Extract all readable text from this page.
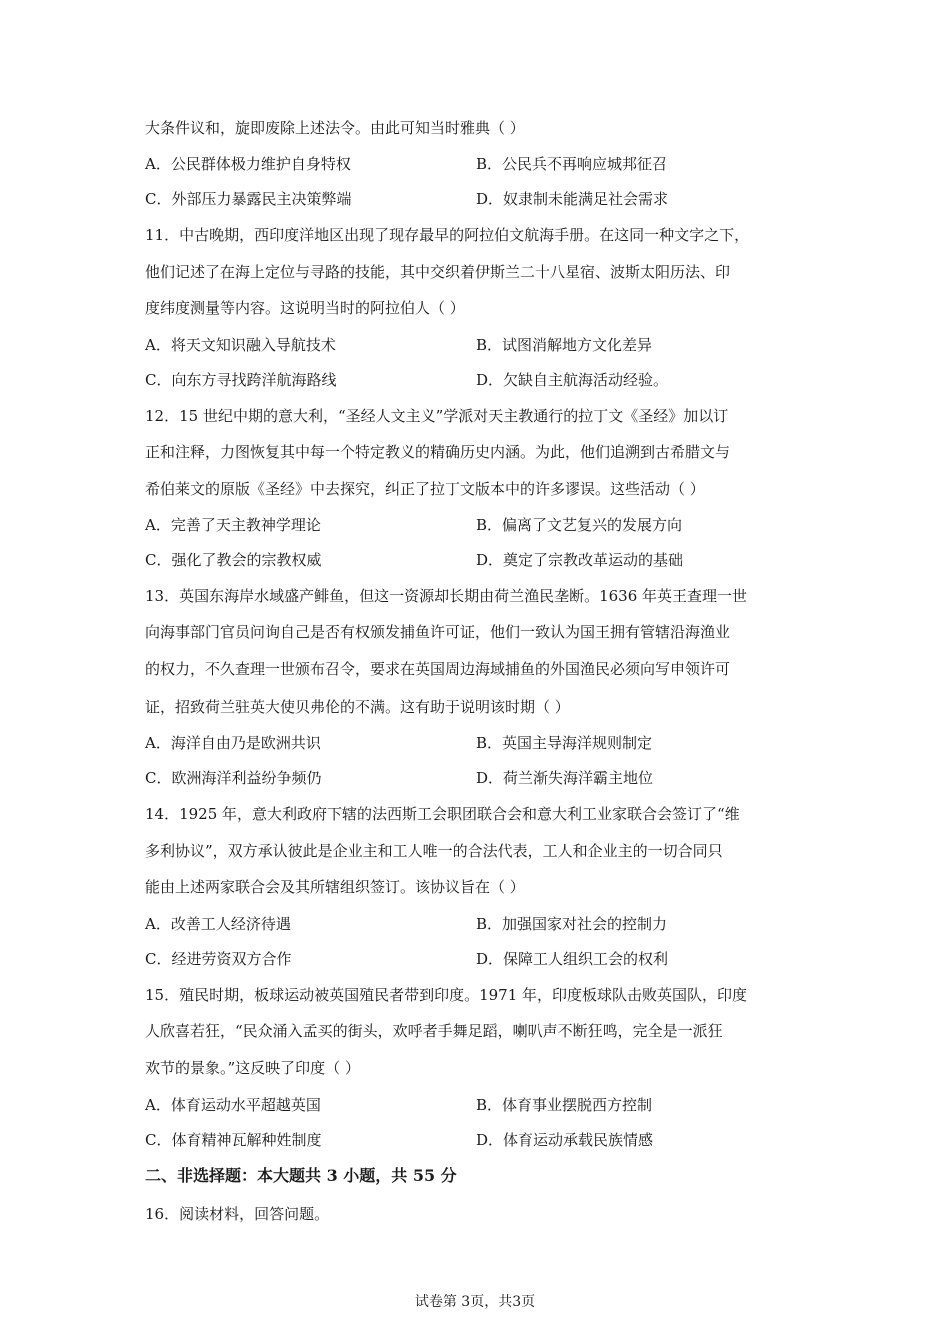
大条件议和，旋即废除上述法令。由此可知当时雅典（ ）
A．公民群体极力维护自身特权	B．公民兵不再响应城邦征召
C．外部压力暴露民主决策弊端	D．奴隶制未能满足社会需求
11．中古晚期，西印度洋地区出现了现存最早的阿拉伯文航海手册。在这同一种文字之下，
他们记述了在海上定位与寻路的技能，其中交织着伊斯兰二十八星宿、波斯太阳历法、印
度纬度测量等内容。这说明当时的阿拉伯人（ ）
A．将天文知识融入导航技术	B．试图消解地方文化差异
C．向东方寻找跨洋航海路线	D．欠缺自主航海活动经验。
12．15 世纪中期的意大利，“圣经人文主义”学派对天主教通行的拉丁文《圣经》加以订
正和注释，力图恢复其中每一个特定教义的精确历史内涵。为此，他们追溯到古希腊文与
希伯莱文的原版《圣经》中去探究，纠正了拉丁文版本中的许多谬误。这些活动（ ）
A．完善了天主教神学理论	B．偏离了文艺复兴的发展方向
C．强化了教会的宗教权威	D．奠定了宗教改革运动的基础
13．英国东海岸水域盛产鲱鱼，但这一资源却长期由荷兰渔民垄断。1636 年英王查理一世
向海事部门官员问询自己是否有权颁发捕鱼许可证，他们一致认为国王拥有管辖沿海渔业
的权力，不久查理一世颁布召令，要求在英国周边海域捕鱼的外国渔民必须向写申领许可
证，招致荷兰驻英大使贝弗伦的不满。这有助于说明该时期（ ）
A．海洋自由乃是欧洲共识	B．英国主导海洋规则制定
C．欧洲海洋利益纷争频仍	D．荷兰渐失海洋霸主地位
14．1925 年，意大利政府下辖的法西斯工会职团联合会和意大利工业家联合会签订了“维
多利协议”，双方承认彼此是企业主和工人唯一的合法代表，工人和企业主的一切合同只
能由上述两家联合会及其所辖组织签订。该协议旨在（ ）
A．改善工人经济待遇	B．加强国家对社会的控制力
C．经进劳资双方合作	D．保障工人组织工会的权利
15．殖民时期，板球运动被英国殖民者带到印度。1971 年，印度板球队击败英国队，印度
人欣喜若狂，“民众涌入孟买的街头，欢呼者手舞足蹈，喇叭声不断狂鸣，完全是一派狂
欢节的景象。”这反映了印度（ ）
A．体育运动水平超越英国	B．体育事业摆脱西方控制
C．体育精神瓦解种姓制度	D．体育运动承载民族情感
二、非选择题：本大题共 3 小题，共 55 分
16．阅读材料，回答问题。
试卷第 3页，共3页
